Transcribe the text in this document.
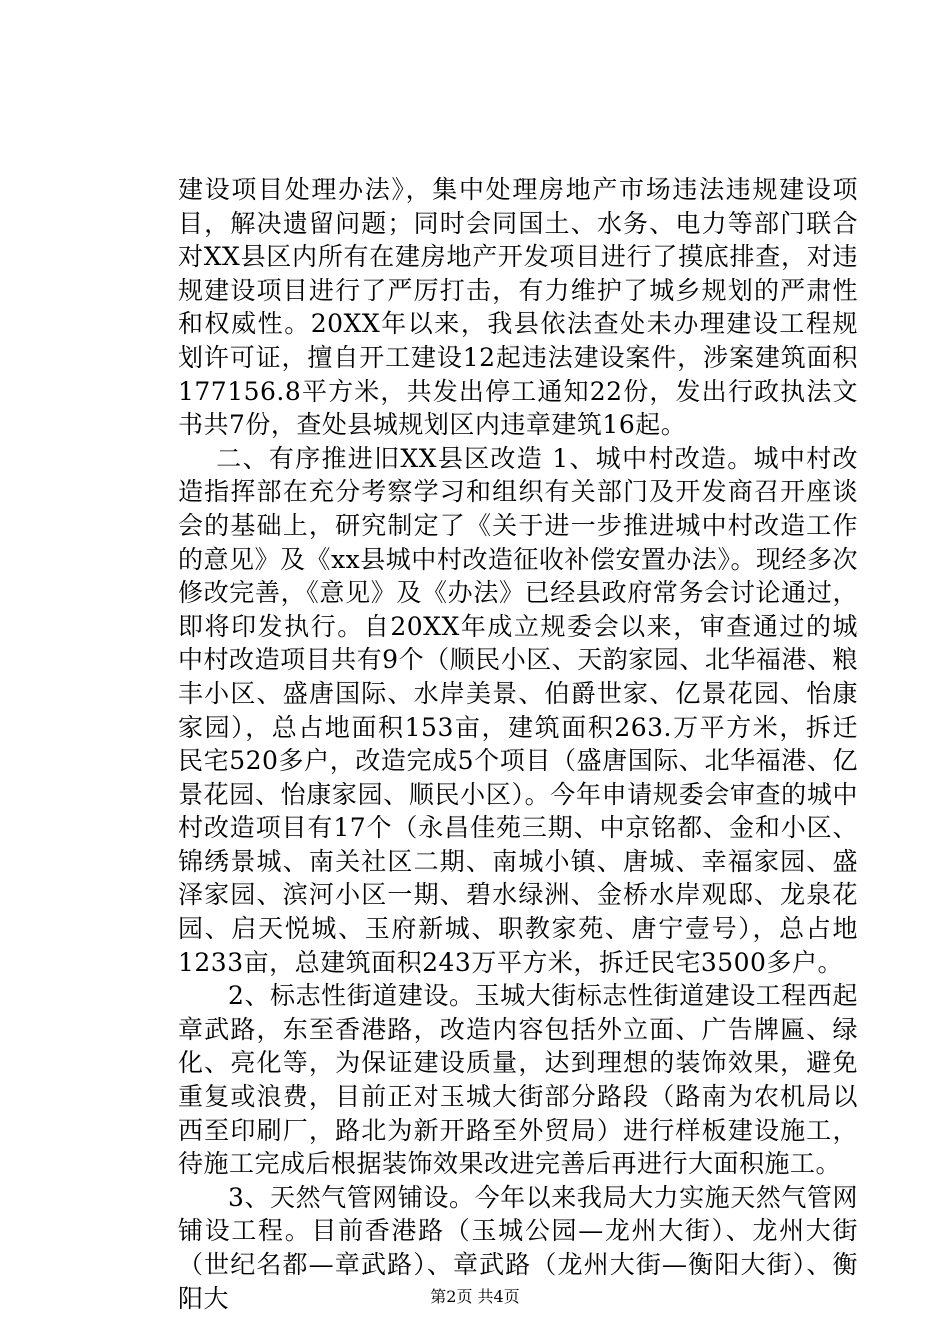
建设项目处理办法》，集中处理房地产市场违法违规建设项目，解决遗留问题；同时会同国土、水务、电力等部门联合对XX县区内所有在建房地产开发项目进行了摸底排查，对违规建设项目进行了严厉打击，有力维护了城乡规划的严肃性和权威性。20XX年以来，我县依法查处未办理建设工程规划许可证，擅自开工建设12起违法建设案件，涉案建筑面积177156.8平方米，共发出停工通知22份，发出行政执法文书共7份，查处县城规划区内违章建筑16起。

　二、有序推进旧XX县区改造 1、城中村改造。城中村改造指挥部在充分考察学习和组织有关部门及开发商召开座谈会的基础上，研究制定了《关于进一步推进城中村改造工作的意见》及《xx县城中村改造征收补偿安置办法》。现经多次修改完善，《意见》及《办法》已经县政府常务会讨论通过，即将印发执行。自20XX年成立规委会以来，审查通过的城中村改造项目共有9个（顺民小区、天韵家园、北华福港、粮丰小区、盛唐国际、水岸美景、伯爵世家、亿景花园、怡康家园），总占地面积153亩，建筑面积263.万平方米，拆迁民宅520多户，改造完成5个项目（盛唐国际、北华福港、亿景花园、怡康家园、顺民小区）。今年申请规委会审查的城中村改造项目有17个（永昌佳苑三期、中京铭都、金和小区、锦绣景城、南关社区二期、南城小镇、唐城、幸福家园、盛泽家园、滨河小区一期、碧水绿洲、金桥水岸观邸、龙泉花园、启天悦城、玉府新城、职教家苑、唐宁壹号），总占地1233亩，总建筑面积243万平方米，拆迁民宅3500多户。

2、标志性街道建设。玉城大街标志性街道建设工程西起章武路，东至香港路，改造内容包括外立面、广告牌匾、绿化、亮化等，为保证建设质量，达到理想的装饰效果，避免重复或浪费，目前正对玉城大街部分路段（路南为农机局以西至印刷厂，路北为新开路至外贸局）进行样板建设施工，待施工完成后根据装饰效果改进完善后再进行大面积施工。

3、天然气管网铺设。今年以来我局大力实施天然气管网铺设工程。目前香港路（玉城公园—龙州大街）、龙州大街（世纪名都—章武路）、章武路（龙州大街—衡阳大街）、衡阳大	第2页 共4页
